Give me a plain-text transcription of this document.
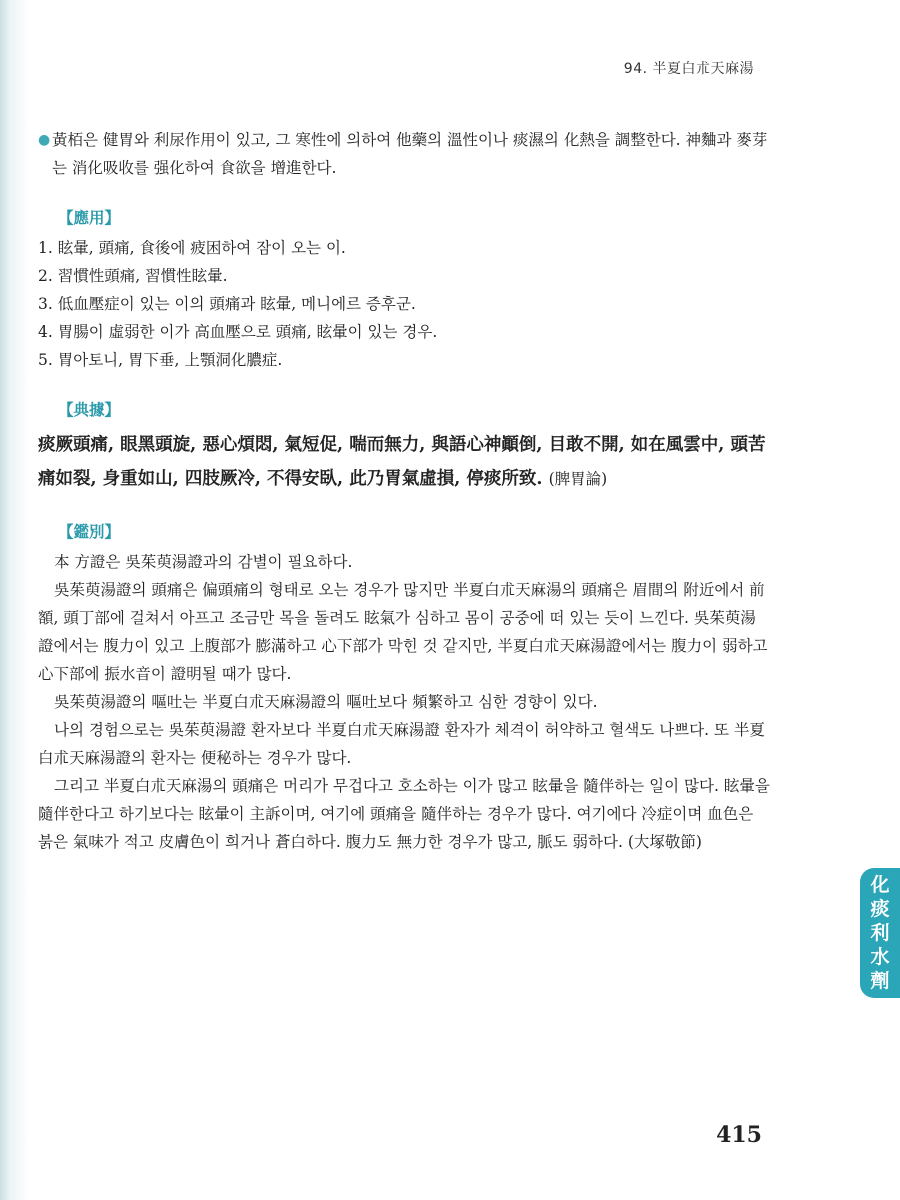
94. 半夏白朮天麻湯
● 黃栢은 健胃와 利尿作用이 있고, 그 寒性에 의하여 他藥의 溫性이나 痰濕의 化熱을 調整한다. 神麯과 麥芽는 消化吸收를 强化하여 食欲을 增進한다.
【應用】
1. 眩暈, 頭痛, 食後에 疲困하여 잠이 오는 이.
2. 習慣性頭痛, 習慣性眩暈.
3. 低血壓症이 있는 이의 頭痛과 眩暈, 메니에르 증후군.
4. 胃腸이 虛弱한 이가 高血壓으로 頭痛, 眩暈이 있는 경우.
5. 胃아토니, 胃下垂, 上顎洞化膿症.
【典據】
痰厥頭痛, 眼黑頭旋, 惡心煩悶, 氣短促, 喘而無力, 與語心神顚倒, 目敢不開, 如在風雲中, 頭苦痛如裂, 身重如山, 四肢厥冷, 不得安臥, 此乃胃氣虛損, 停痰所致. (脾胃論)
【鑑別】

本 方證은 吳茱萸湯證과의 감별이 필요하다.

吳茱萸湯證의 頭痛은 偏頭痛의 형태로 오는 경우가 많지만 半夏白朮天麻湯의 頭痛은 眉間의 附近에서 前額, 頭丁部에 걸쳐서 아프고 조금만 목을 돌려도 眩氣가 심하고 몸이 공중에 떠 있는 듯이 느낀다. 吳茱萸湯證에서는 腹力이 있고 上腹部가 膨滿하고 心下部가 막힌 것 같지만, 半夏白朮天麻湯證에서는 腹力이 弱하고 心下部에 振水音이 證明될 때가 많다.

吳茱萸湯證의 嘔吐는 半夏白朮天麻湯證의 嘔吐보다 頻繁하고 심한 경향이 있다.

나의 경험으로는 吳茱萸湯證 환자보다 半夏白朮天麻湯證 환자가 체격이 허약하고 혈색도 나쁘다. 또 半夏白朮天麻湯證의 환자는 便秘하는 경우가 많다.

그리고 半夏白朮天麻湯의 頭痛은 머리가 무겁다고 호소하는 이가 많고 眩暈을 隨伴하는 일이 많다. 眩暈을 隨伴한다고 하기보다는 眩暈이 主訴이며, 여기에 頭痛을 隨伴하는 경우가 많다. 여기에다 冷症이며 血色은 붉은 氣味가 적고 皮膚色이 희거나 蒼白하다. 腹力도 無力한 경우가 많고, 脈도 弱하다. (大塚敬節)

化
痰
利
水
劑
415
